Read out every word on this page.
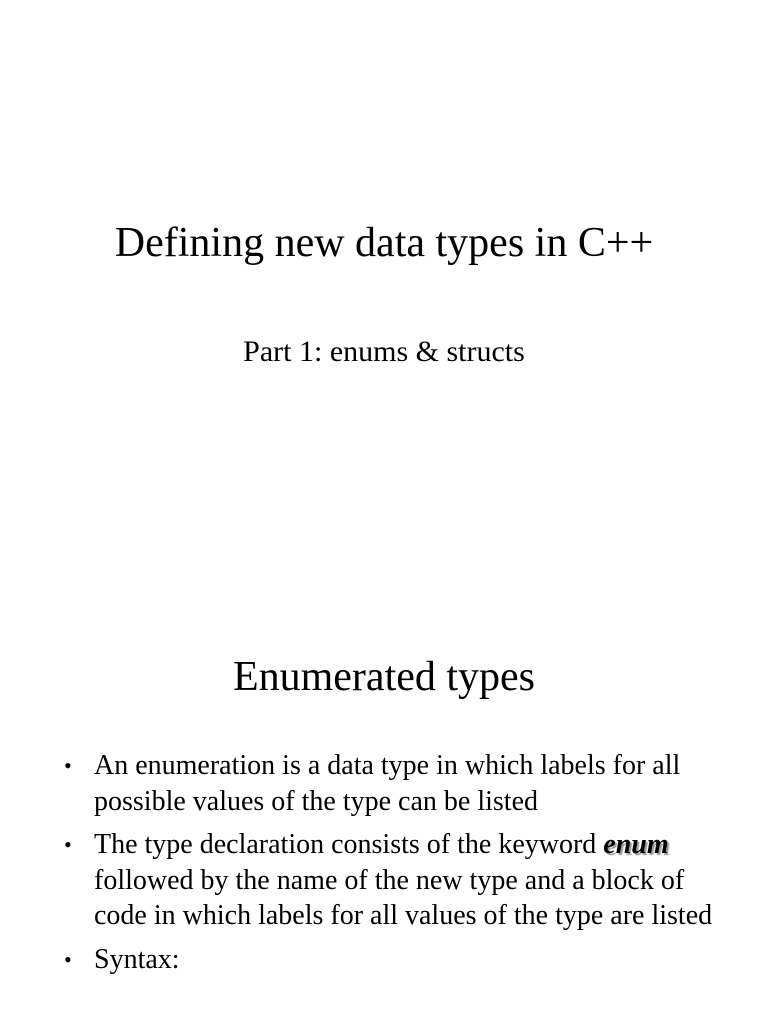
Defining new data types in C++
Part 1: enums & structs
Enumerated types
• An enumeration is a data type in which labels for all possible values of the type can be listed
• The type declaration consists of the keyword enum followed by the name of the new type and a block of code in which labels for all values of the type are listed
• Syntax:
